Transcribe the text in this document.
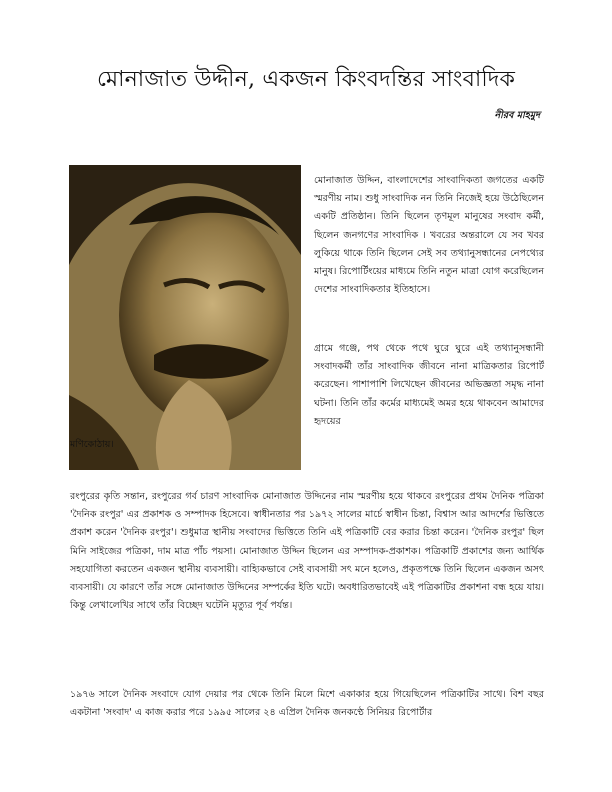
মোনাজাত উদ্দীন, একজন কিংবদন্তির সাংবাদিক
নীরব মাহমুদ
মোনাজাত উদ্দিন, বাংলাদেশের সাংবাদিকতা জগতের একটি স্মরণীয় নাম। শুধু সাংবাদিক নন তিনি নিজেই হয়ে উঠেছিলেন একটি প্রতিষ্ঠান। তিনি ছিলেন তৃণমূল মানুষের সংবাদ কর্মী, ছিলেন জনগণের সাংবাদিক । খবরের অন্তরালে যে সব খবর লুকিয়ে থাকে তিনি ছিলেন সেই সব তথ্যানুসন্ধানের নেপথ্যের মানুষ। রিপোর্টিংয়ের মাধ্যমে তিনি নতুন মাত্রা যোগ করেছিলেন দেশের সাংবাদিকতার ইতিহাসে।
গ্রামে গঞ্জে, পথ থেকে পথে ঘুরে ঘুরে এই তথ্যানুসন্ধানী সংবাদকর্মী তাঁর সাংবাদিক জীবনে নানা মাত্রিকতার রিপোর্ট করেছেন। পাশাপাশি লিখেছেন জীবনের অভিজ্ঞতা সমৃদ্ধ নানা ঘটনা। তিনি তাঁর কর্মের মাধ্যমেই অমর হয়ে থাকবেন আমাদের হৃদয়ের
মণিকোঠায়।
রংপুরের কৃতি সন্তান, রংপুরের গর্ব চারণ সাংবাদিক মোনাজাত উদ্দিনের নাম স্মরণীয় হয়ে থাকবে রংপুরের প্রথম দৈনিক পত্রিকা 'দৈনিক রংপুর' এর প্রকাশক ও সম্পাদক হিসেবে। স্বাধীনতার পর ১৯৭২ সালের মার্চে স্বাধীন চিন্তা, বিশ্বাস আর আদর্শের ভিত্তিতে প্রকাশ করেন 'দৈনিক রংপুর'। শুধুমাত্র স্থানীয় সংবাদের ভিত্তিতে তিনি এই পত্রিকাটি বের করার চিন্তা করেন। 'দৈনিক রংপুর' ছিল মিনি সাইজের পত্রিকা, দাম মাত্র পাঁচ পয়সা। মোনাজাত উদ্দিন ছিলেন এর সম্পাদক-প্রকাশক। পত্রিকাটি প্রকাশের জন্য আর্থিক সহযোগিতা করতেন একজন স্থানীয় ব্যবসায়ী। বাহ্যিকভাবে সেই ব্যবসায়ী সৎ মনে হলেও, প্রকৃতপক্ষে তিনি ছিলেন একজন অসৎ ব্যবসায়ী। যে কারণে তাঁর সঙ্গে মোনাজাত উদ্দিনের সম্পর্কের ইতি ঘটে। অবধারিতভাবেই এই পত্রিকাটির প্রকাশনা বন্ধ হয়ে যায়। কিন্তু লেখালেখির সাথে তাঁর বিচ্ছেদ ঘটেনি মৃত্যুর পূর্ব পর্যন্ত।
১৯৭৬ সালে দৈনিক সংবাদে যোগ দেয়ার পর থেকে তিনি মিলে মিশে একাকার হয়ে গিয়েছিলেন পত্রিকাটির সাথে। বিশ বছর একটানা 'সংবাদ' এ কাজ করার পরে ১৯৯৫ সালের ২৪ এপ্রিল দৈনিক জনকণ্ঠে সিনিয়র রিপোর্টার
